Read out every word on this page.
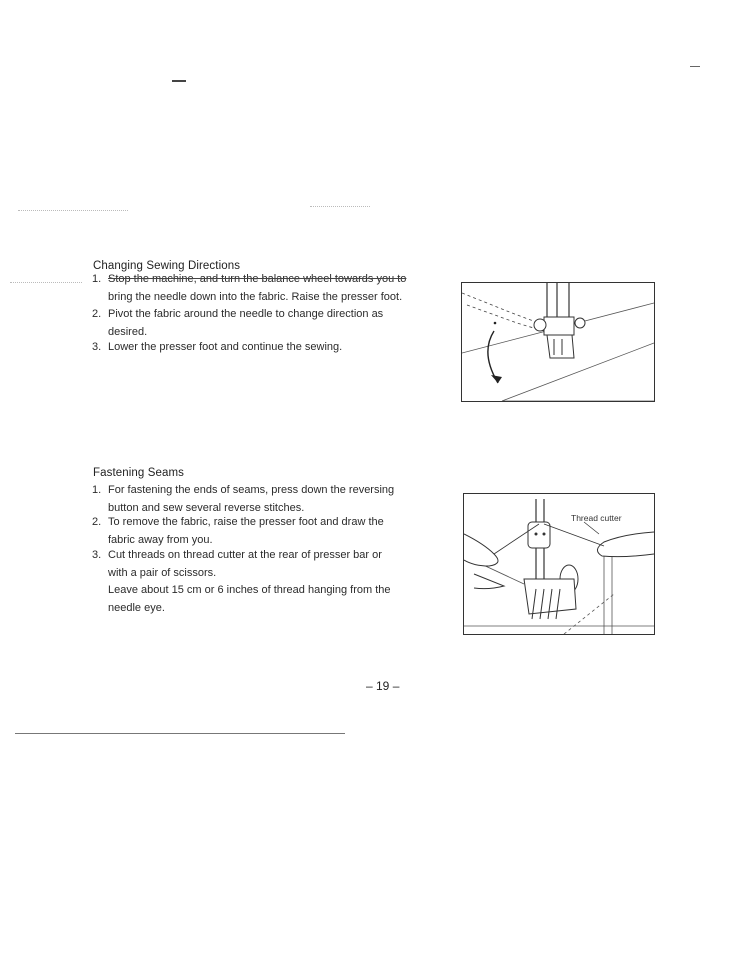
Changing Sewing Directions
1. Stop the machine, and turn the balance wheel towards you to
bring the needle down into the fabric. Raise the presser foot.
2. Pivot the fabric around the needle to change direction as
desired.
3. Lower the presser foot and continue the sewing.
Fastening Seams
1. For fastening the ends of seams, press down the reversing
button and sew several reverse stitches.
2. To remove the fabric, raise the presser foot and draw the
fabric away from you.
3. Cut threads on thread cutter at the rear of presser bar or
with a pair of scissors.
Leave about 15 cm or 6 inches of thread hanging from the
needle eye.
Thread cutter
– 19 –
